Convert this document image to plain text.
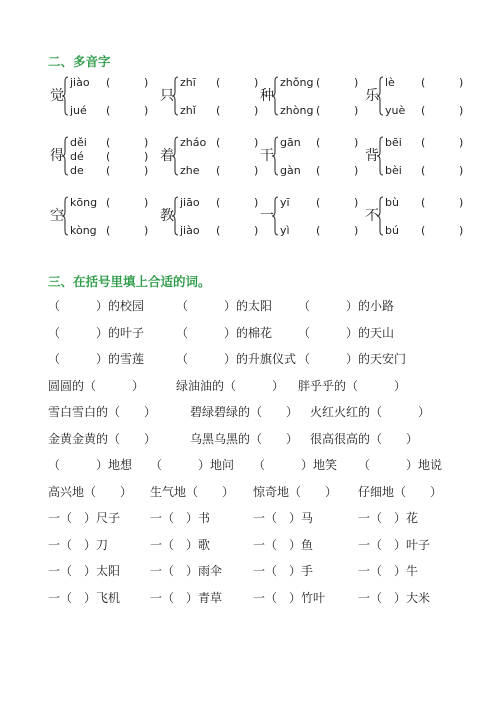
二、多音字
觉
jiào (	)
jué (	)
只
zhī (	)
zhǐ (	)
种
zhǒng (	)
zhòng (	)
乐
lè (	)
yuè (	)
得
děi (	)
dé (	)
de (	)
着
zháo (	)
zhe (	)
干
gān (	)
gàn (	)
背
bēi (	)
bèi (	)
空
kōng (	)
kòng (	)
教
jiāo (	)
jiào (	)
一
yī (	)
yì (	)
不
bù (	)
bú (	)
三、在括号里填上合适的词。
（　　　）的校园	（　　　）的太阳 （　　　）的小路
（　　　）的叶子	（　　　）的棉花 （　　　）的天山
（　　　）的雪莲	（　　　）的升旗仪式 （　　　）的天安门
圆圆的（　　　）	绿油油的（　　　） 胖乎乎的（　　　）
雪白雪白的（　　）	碧绿碧绿的（　　） 火红火红的（　　　）
金黄金黄的（　　）	乌黑乌黑的（　　） 很高很高的（　　）
（　　　）地想 （　　　）地问 （　　　）地笑 （　　　）地说
高兴地（　　） 生气地（　　） 惊奇地（　　） 仔细地（　　）
一（　）尺子 一（　）书	一（　）马	一（　）花
一（　）刀	一（　）歌	一（　）鱼	一（　）叶子
一（　）太阳 一（　）雨伞	一（　）手	一（　）牛
一（　）飞机 一（　）青草	一（　）竹叶	一（　）大米
